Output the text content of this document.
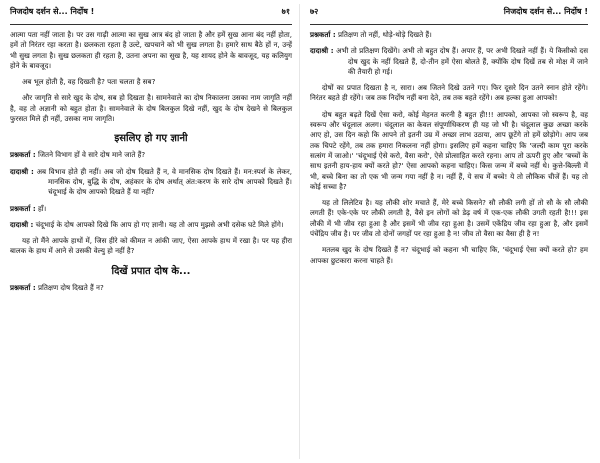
निजदोष दर्शन से... निर्दोष !	७१

आत्मा पता नहीं जाता है। पर उस गाढ़ी आत्मा का सुख आत्र बंद हो जाता है और हमें सुख आना बंद नहीं होता, हमें तो निरंतर रहा करता है। छलकता रहता है उल्टे, खपचाने को भी सुख लगता है। हमारे साथ बैठे हों न, उन्हें भी सुख लगता है। सुख छलकता ही रहता है, उतना अपना का सुख है, यह शायद होने के बावजूद, यह कलियुग होने के बावजूद।

अब भूल होती है, वह दिखती है? पता चलता है सब?

और जागृति से सारे खुद के दोष, सब हो दिखता है। सामनेवाले का दोष निकालना उसका नाम जागृति नहीं है, वह तो अज्ञानी को बहुत होता है। सामनेवाले के दोष बिलकुल दिखे नहीं, खुद के दोष देखने से बिलकुल फुरसत मिले ही नहीं, उसका नाम जागृति।

इसलिए हो गए ज्ञानी

प्रश्नकर्ता : जितने विभाग हों वे सारे दोष माने जाते हैं?

दादाश्री : अब विभाव होते ही नहीं। अब जो दोष दिखते हैं न, वे मानसिक दोष दिखते हैं। मन:स्पर्श के लेकर, मानसिक दोष, बुद्धि के दोष, अहंकार के दोष अर्थात् अंत:करण के सारे दोष आपको दिखते हैं। चंदूभाई के दोष आपको दिखते हैं या नहीं?

प्रश्नकर्ता : हाँ।

दादाश्री : चंदूभाई के दोष आपको दिखे कि आप हो गए ज्ञानी। यह तो आप मुझसे अभी दसेक घटे मिले होंगे।

यह तो मैंने आपके हाथों में, जिस हीरे को कीमत न आंकी जाए, ऐसा आपके हाथ में रखा है। पर यह हीरा बालक के हाथ में आने से उसकी वेल्यु हो नहीं है?

दिखें प्रपात दोष के...

प्रश्नकर्ता : प्रतिक्षण दोष दिखते हैं न?

७२	निजदोष दर्शन से... निर्दोष !

प्रश्नकर्ता : प्रतिक्षण तो नहीं, थोड़े-थोड़े दिखते हैं।

दादाश्री : अभी तो प्रतिक्षण दिखेंगे। अभी तो बहुत दोष हैं। अपार हैं, पर अभी दिखते नहीं हैं। ये किसीको दस दोष खुद के नहीं दिखते हैं, दो-तीन हमें ऐसा बोलते हैं, क्योंकि दोष दिखें तब से मोक्ष में जाने की तैयारी हो गई।

दोषों का प्रपात दिखता है न, सारा। अब जितने दिखे उतने गए। फिर दूसरे दिन उतने स्नान होते रहेंगे। निरंतर बहते ही रहेंगे। जब तक निर्दोष नहीं बना देते, तब तक बहते रहेंगे। अब हल्का हुआ आपको!

दोष बहुत बढ़ते दिखें ऐसा करो, कोई मेहनत करनी है बहुत ही!!! आपको, आपका जो स्वरूप है, वह स्वरूप और चंदूलाल अलग। चंदूलाल का केवल संपूर्णाधिकरण ही यह जो भी है। चंदूलाल कुछ अच्छा करके आए हो, उस दिन कहो कि आपने तो इतनी उम्र में अच्छा लाभ उठाया, आप छूटेंगे तो हमें छोड़ोगे। आप जब तक चिपटे रहेंगे, तब तक हमारा निकलना नहीं होगा। इसलिए हमें कहना चाहिए कि 'जल्दी काम पूरा करके सत्संग में जाओ।' 'चंदूभाई ऐसे करो, वैसा करो', ऐसे प्रोत्साहित करते रहना। आप तो ऊपरी हुए और 'बच्चों के साथ इतनी हाय-हाय क्यों करते हो?' ऐसा आपको कहना चाहिए। किस जन्म में बच्चे नहीं थे। कुत्ते-बिल्ली में भी, बच्चे बिना का तो एक भी जन्म गया नहीं है न। नहीं हैं, ये सच में बच्चे! ये तो लौकिक चीजें हैं। यह तो कोई सच्चा है?

यह तो लिलेटिव है। यह लौकी शोर मचाते हैं, मेरे बच्चे किसने? सौ लौकी लगी हों तो सौ के सौ लौकी लगती हैं! एके-एके पर लौकी लगती है, वैसे इन लोगों को डेढ़ वर्ष में एक-एक लौकी उगती रहती है!!! इस लौकी में भी जीव रहा हुआ है और इसमें भी जीव रहा हुआ है। उसमें एकेंद्रिय जीव रहा हुआ है, और इसमें पंचेंद्रिय जीव है। पर जीव तो दोनों जगहों पर रहा हुआ है न! जीव तो वैसा का वैसा ही है न!

मतलब खुद के दोष दिखते हैं न? चंदूभाई को कहना भी चाहिए कि, 'चंदूभाई ऐसा क्यों करते हो? हम आपका छुटकारा करना चाहते हैं।
